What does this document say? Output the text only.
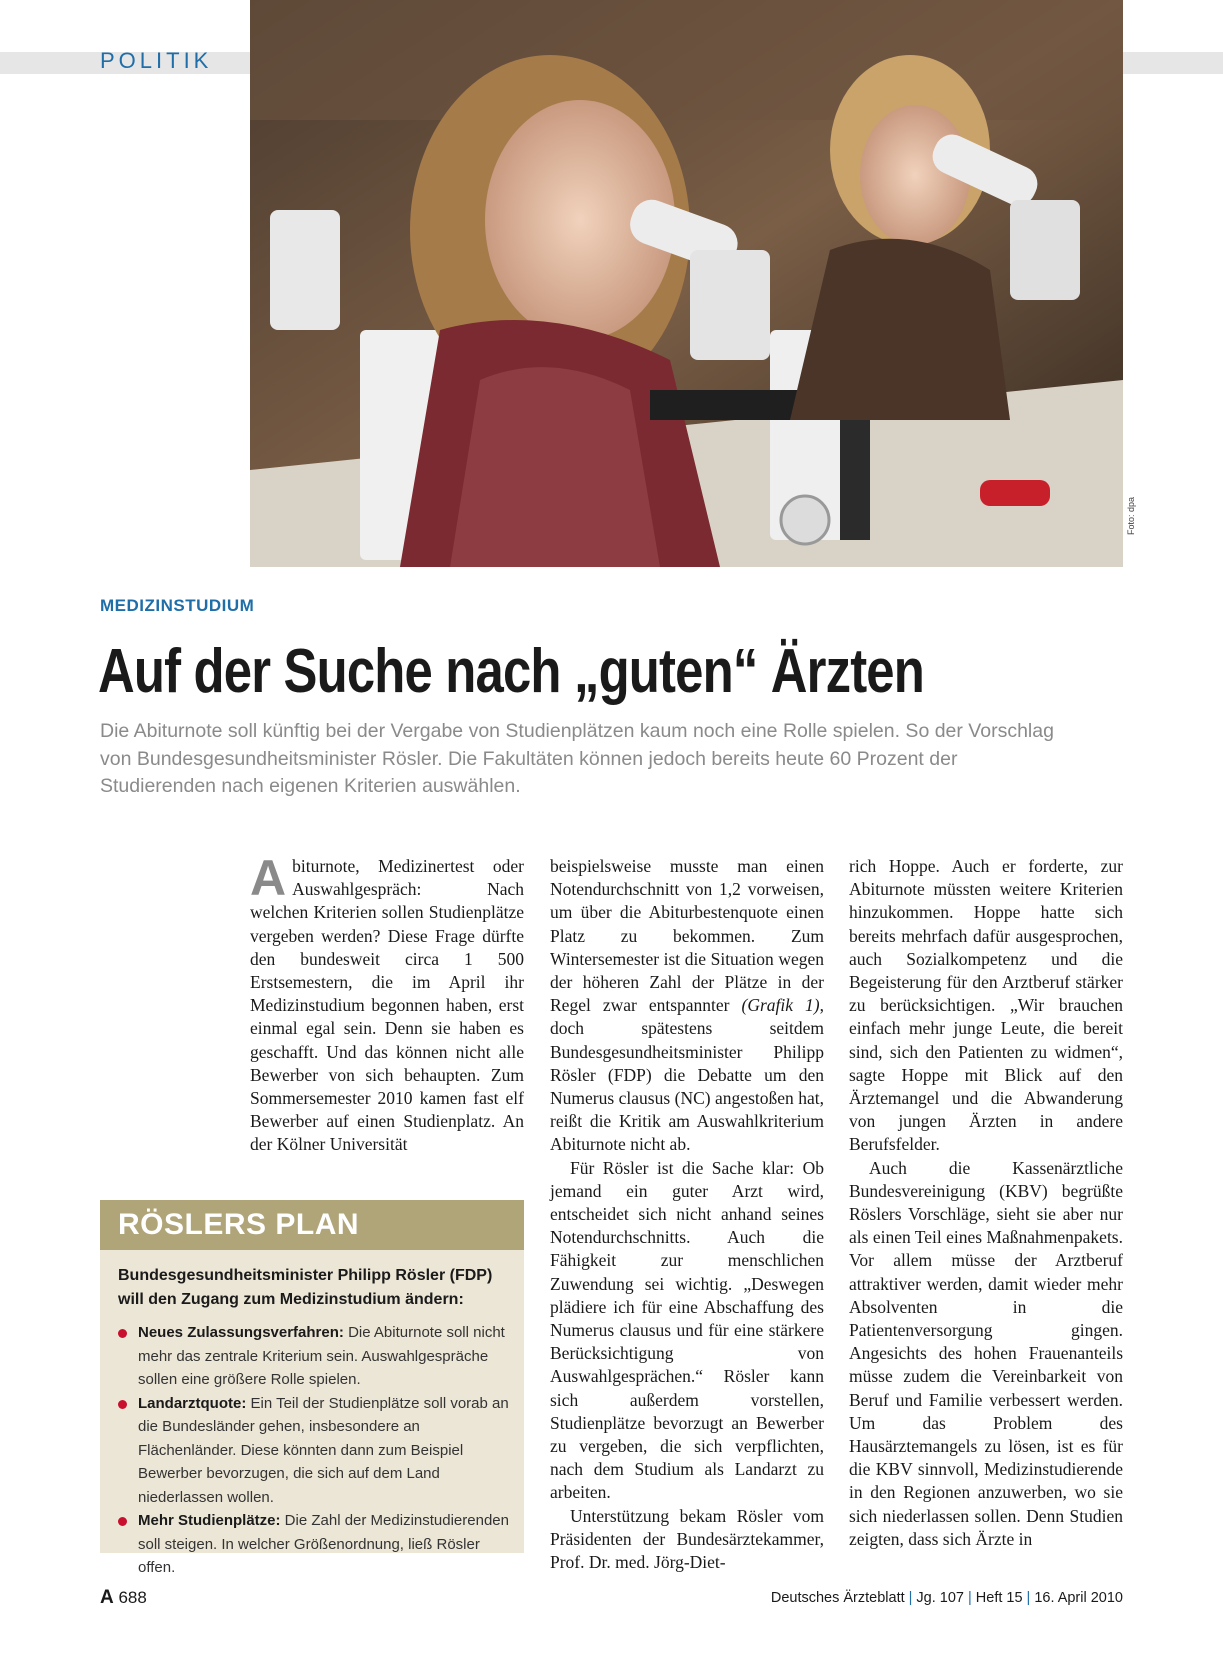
POLITIK
Foto: dpa
MEDIZINSTUDIUM
Auf der Suche nach „guten“ Ärzten
Die Abiturnote soll künftig bei der Vergabe von Studienplätzen kaum noch eine Rolle spielen. So der Vorschlag von Bundesgesundheitsminister Rösler. Die Fakultäten können jedoch bereits heute 60 Prozent der Studierenden nach eigenen Kriterien auswählen.

Abiturnote, Medizinertest oder Auswahlgespräch: Nach welchen Kriterien sollen Studienplätze vergeben werden? Diese Frage dürfte den bundesweit circa 1 500 Erstsemestern, die im April ihr Medizinstudium begonnen haben, erst einmal egal sein. Denn sie haben es geschafft. Und das können nicht alle Bewerber von sich behaupten. Zum Sommersemester 2010 kamen fast elf Bewerber auf einen Studienplatz. An der Kölner Universität

beispielsweise musste man einen Notendurchschnitt von 1,2 vorweisen, um über die Abiturbestenquote einen Platz zu bekommen. Zum Wintersemester ist die Situation wegen der höheren Zahl der Plätze in der Regel zwar entspannter (Grafik 1), doch spätestens seitdem Bundesgesundheitsminister Philipp Rösler (FDP) die Debatte um den Numerus clausus (NC) angestoßen hat, reißt die Kritik am Auswahlkriterium Abiturnote nicht ab.

Für Rösler ist die Sache klar: Ob jemand ein guter Arzt wird, entscheidet sich nicht anhand seines Notendurchschnitts. Auch die Fähigkeit zur menschlichen Zuwendung sei wichtig. „Deswegen plädiere ich für eine Abschaffung des Numerus clausus und für eine stärkere Berücksichtigung von Auswahlgesprächen.“ Rösler kann sich außerdem vorstellen, Studienplätze bevorzugt an Bewerber zu vergeben, die sich verpflichten, nach dem Studium als Landarzt zu arbeiten.

Unterstützung bekam Rösler vom Präsidenten der Bundesärztekammer, Prof. Dr. med. Jörg-Diet-

rich Hoppe. Auch er forderte, zur Abiturnote müssten weitere Kriterien hinzukommen. Hoppe hatte sich bereits mehrfach dafür ausgesprochen, auch Sozialkompetenz und die Begeisterung für den Arztberuf stärker zu berücksichtigen. „Wir brauchen einfach mehr junge Leute, die bereit sind, sich den Patienten zu widmen“, sagte Hoppe mit Blick auf den Ärztemangel und die Abwanderung von jungen Ärzten in andere Berufsfelder.

Auch die Kassenärztliche Bundesvereinigung (KBV) begrüßte Röslers Vorschläge, sieht sie aber nur als einen Teil eines Maßnahmenpakets. Vor allem müsse der Arztberuf attraktiver werden, damit wieder mehr Absolventen in die Patientenversorgung gingen. Angesichts des hohen Frauenanteils müsse zudem die Vereinbarkeit von Beruf und Familie verbessert werden. Um das Problem des Hausärztemangels zu lösen, ist es für die KBV sinnvoll, Medizinstudierende in den Regionen anzuwerben, wo sie sich niederlassen sollen. Denn Studien zeigten, dass sich Ärzte in

RÖSLERS PLAN
Bundesgesundheitsminister Philipp Rösler (FDP) will den Zugang zum Medizinstudium ändern:
Neues Zulassungsverfahren: Die Abiturnote soll nicht mehr das zentrale Kriterium sein. Auswahlgespräche sollen eine größere Rolle spielen.
Landarztquote: Ein Teil der Studienplätze soll vorab an die Bundesländer gehen, insbesondere an Flächenländer. Diese könnten dann zum Beispiel Bewerber bevorzugen, die sich auf dem Land niederlassen wollen.
Mehr Studienplätze: Die Zahl der Medizinstudierenden soll steigen. In welcher Größenordnung, ließ Rösler offen.
A 688	Deutsches Ärzteblatt | Jg. 107 | Heft 15 | 16. April 2010
